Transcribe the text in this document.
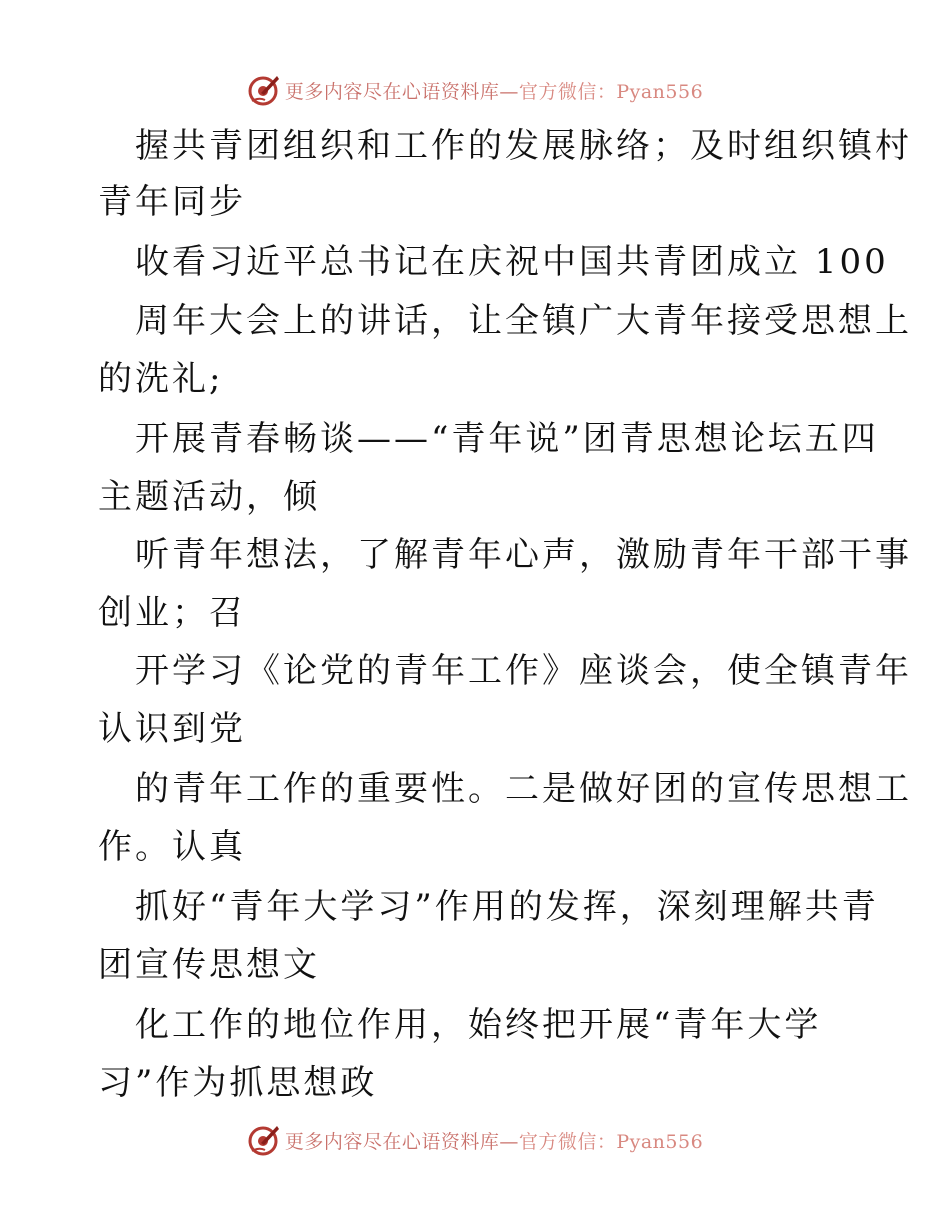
更多内容尽在心语资料库—官方微信：Pyan556
握共青团组织和工作的发展脉络；及时组织镇村
青年同步
收看习近平总书记在庆祝中国共青团成立 100
周年大会上的讲话，让全镇广大青年接受思想上
的洗礼;
开展青春畅谈——“青年说”团青思想论坛五四
主题活动，倾
听青年想法，了解青年心声，激励青年干部干事
创业；召
开学习《论党的青年工作》座谈会，使全镇青年
认识到党
的青年工作的重要性。二是做好团的宣传思想工
作。认真
抓好“青年大学习”作用的发挥，深刻理解共青
团宣传思想文
化工作的地位作用，始终把开展“青年大学
习”作为抓思想政
更多内容尽在心语资料库—官方微信：Pyan556
